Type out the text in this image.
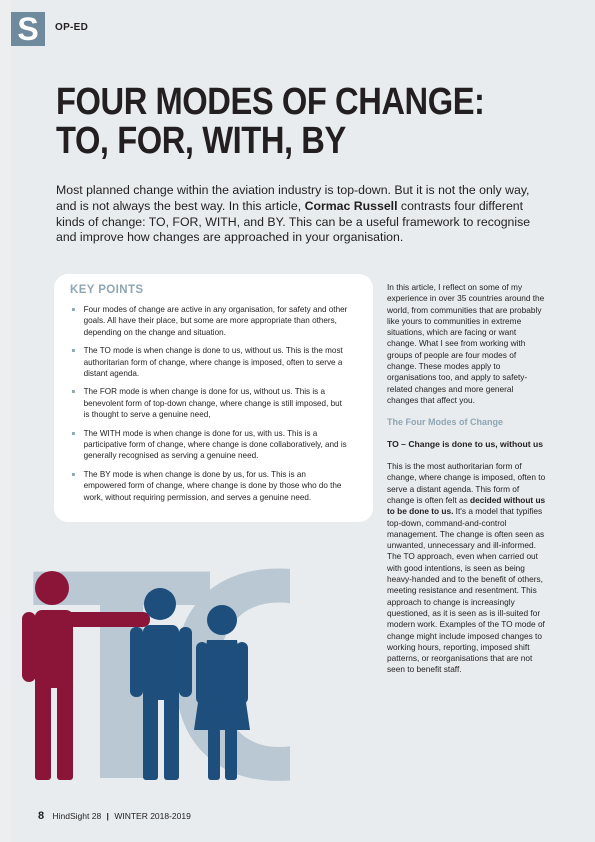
S OP-ED
FOUR MODES OF CHANGE:
TO, FOR, WITH, BY

Most planned change within the aviation industry is top-down. But it is not the only way, and is not always the best way. In this article, Cormac Russell contrasts four different kinds of change: TO, FOR, WITH, and BY. This can be a useful framework to recognise and improve how changes are approached in your organisation.

KEY POINTS
Four modes of change are active in any organisation, for safety and other goals. All have their place, but some are more appropriate than others, depending on the change and situation.
The TO mode is when change is done to us, without us. This is the most authoritarian form of change, where change is imposed, often to serve a distant agenda.
The FOR mode is when change is done for us, without us. This is a benevolent form of top-down change, where change is still imposed, but is thought to serve a genuine need,
The WITH mode is when change is done for us, with us. This is a participative form of change, where change is done collaboratively, and is generally recognised as serving a genuine need.
The BY mode is when change is done by us, for us. This is an empowered form of change, where change is done by those who do the work, without requiring permission, and serves a genuine need.

In this article, I reflect on some of my experience in over 35 countries around the world, from communities that are probably like yours to communities in extreme situations, which are facing or want change. What I see from working with groups of people are four modes of change. These modes apply to organisations too, and apply to safety-related changes and more general changes that affect you.

The Four Modes of Change
TO – Change is done to us, without us

This is the most authoritarian form of change, where change is imposed, often to serve a distant agenda. This form of change is often felt as decided without us to be done to us. It's a model that typifies top-down, command-and-control management. The change is often seen as unwanted, unnecessary and ill-informed. The TO approach, even when carried out with good intentions, is seen as being heavy-handed and to the benefit of others, meeting resistance and resentment. This approach to change is increasingly questioned, as it is seen as is ill-suited for modern work. Examples of the TO mode of change might include imposed changes to working hours, reporting, imposed shift patterns, or reorganisations that are not seen to benefit staff.

8 HindSight 28 | WINTER 2018-2019
